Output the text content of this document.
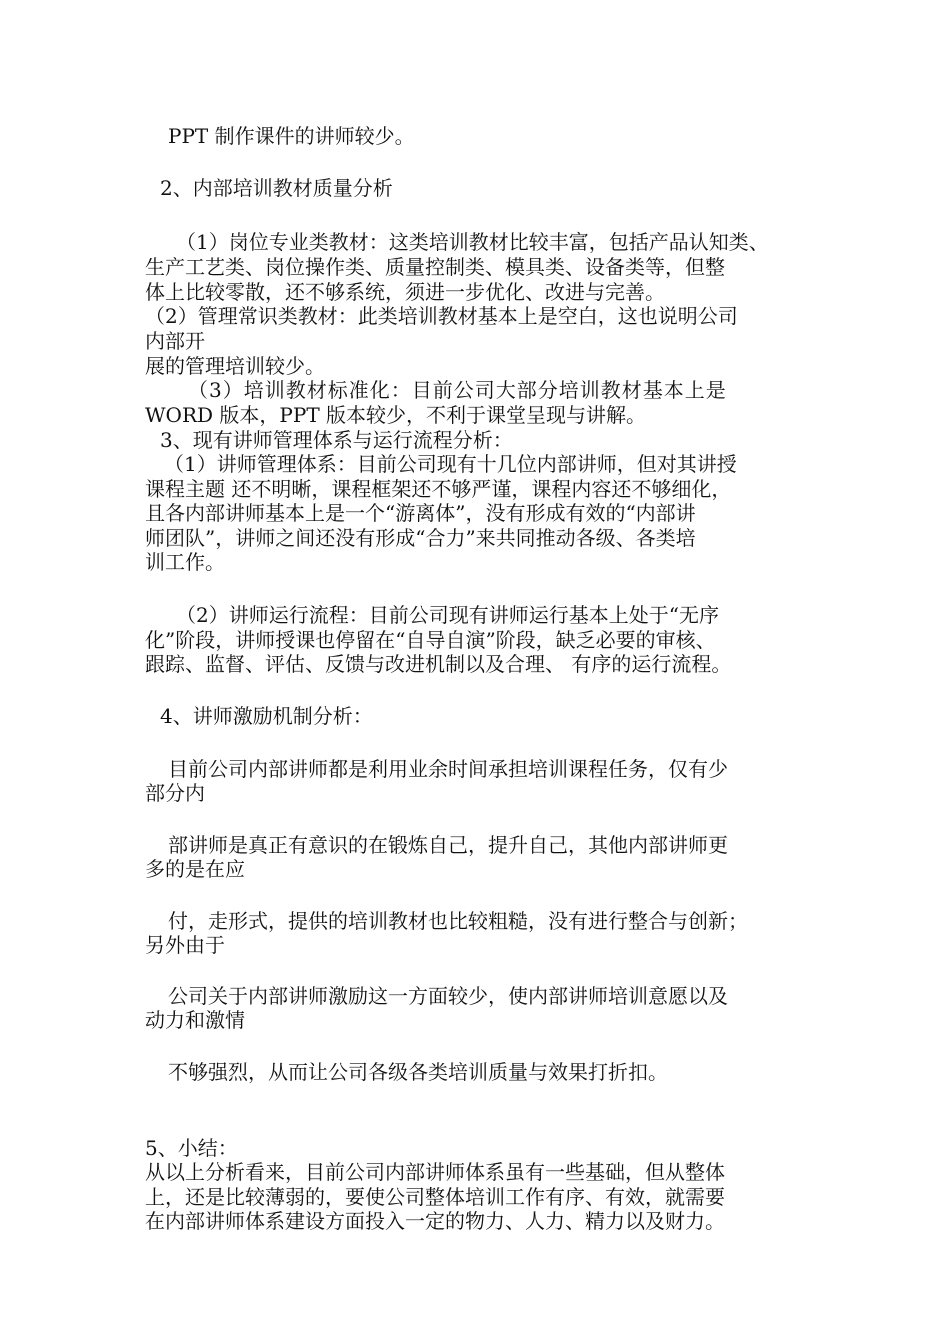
PPT 制作课件的讲师较少。

2、内部培训教材质量分析

（1）岗位专业类教材：这类培训教材比较丰富，包括产品认知类、

生产工艺类、岗位操作类、质量控制类、模具类、设备类等，但整

体上比较零散，还不够系统，须进一步优化、改进与完善。

（2）管理常识类教材：此类培训教材基本上是空白，这也说明公司

内部开

展的管理培训较少。

（3）培训教材标准化：目前公司大部分培训教材基本上是

WORD 版本，PPT 版本较少，不利于课堂呈现与讲解。

3、现有讲师管理体系与运行流程分析：

（1）讲师管理体系：目前公司现有十几位内部讲师，但对其讲授

课程主题 还不明晰，课程框架还不够严谨，课程内容还不够细化，

且各内部讲师基本上是一个“游离体”，没有形成有效的“内部讲

师团队”，讲师之间还没有形成“合力”来共同推动各级、各类培

训工作。

（2）讲师运行流程：目前公司现有讲师运行基本上处于“无序

化”阶段，讲师授课也停留在“自导自演”阶段，缺乏必要的审核、

跟踪、监督、评估、反馈与改进机制以及合理、 有序的运行流程。

4、讲师激励机制分析：

目前公司内部讲师都是利用业余时间承担培训课程任务，仅有少

部分内

部讲师是真正有意识的在锻炼自己，提升自己，其他内部讲师更

多的是在应

付，走形式，提供的培训教材也比较粗糙，没有进行整合与创新；

另外由于

公司关于内部讲师激励这一方面较少，使内部讲师培训意愿以及

动力和激情

不够强烈，从而让公司各级各类培训质量与效果打折扣。

5、小结：

从以上分析看来，目前公司内部讲师体系虽有一些基础，但从整体

上，还是比较薄弱的，要使公司整体培训工作有序、有效，就需要

在内部讲师体系建设方面投入一定的物力、人力、精力以及财力。
